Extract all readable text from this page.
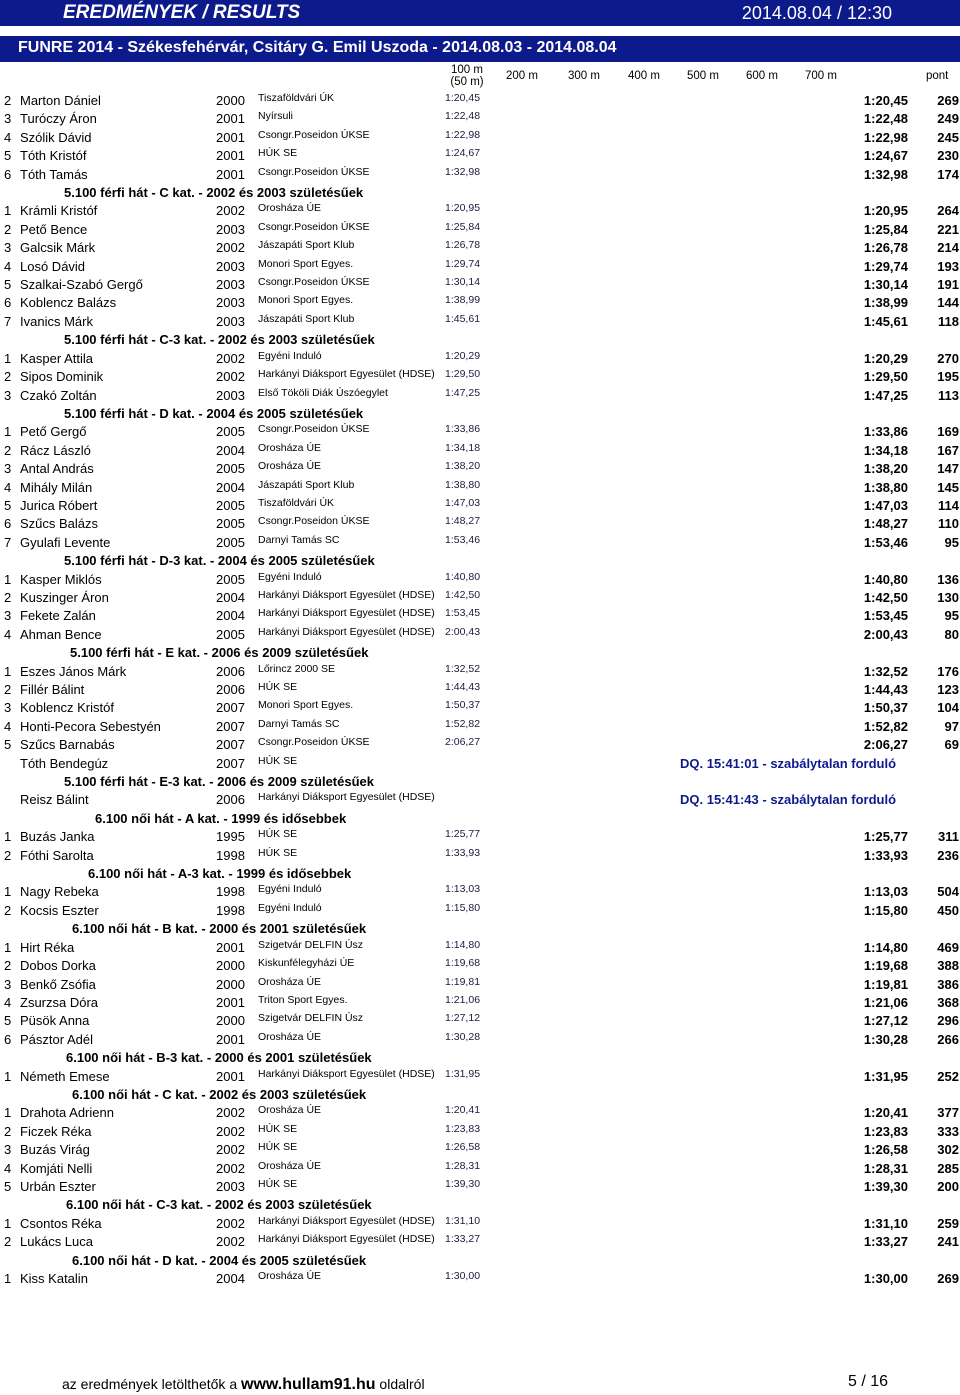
EREDMÉNYEK / RESULTS	2014.08.04 / 12:30
FUNRE 2014 - Székesfehérvár, Csitáry G. Emil Uszoda - 2014.08.03 - 2014.08.04
100 m
(50 m)	200 m	300 m 400 m 500 m 600 m 700 m	pont
2 Marton Dániel	2000 Tiszaföldvári ÚK	1:20,45	1:20,45	269
3 Turóczy Áron	2001 Nyírsuli	1:22,48	1:22,48	249
4 Szólik Dávid	2001 Csongr.Poseidon ÚKSE	1:22,98	1:22,98	245
5 Tóth Kristóf	2001 HÚK SE	1:24,67	1:24,67	230
6 Tóth Tamás	2001 Csongr.Poseidon ÚKSE	1:32,98	1:32,98	174
5.100 férfi hát - C kat. - 2002 és 2003 születésűek
1 Krámli Kristóf	2002 Orosháza ÚE	1:20,95	1:20,95	264
2 Pető Bence	2003 Csongr.Poseidon ÚKSE	1:25,84	1:25,84	221
3 Galcsik Márk	2002 Jászapáti Sport Klub	1:26,78	1:26,78	214
4 Losó Dávid	2003 Monori Sport Egyes.	1:29,74	1:29,74	193
5 Szalkai-Szabó Gergő	2003 Csongr.Poseidon ÚKSE	1:30,14	1:30,14	191
6 Koblencz Balázs	2003 Monori Sport Egyes.	1:38,99	1:38,99	144
7 Ivanics Márk	2003 Jászapáti Sport Klub	1:45,61	1:45,61	118
5.100 férfi hát - C-3 kat. - 2002 és 2003 születésűek
1 Kasper Attila	2002 Egyéni Induló	1:20,29	1:20,29	270
2 Sipos Dominik	2002 Harkányi Diáksport Egyesület (HDSE) 1:29,50	1:29,50	195
3 Czakó Zoltán	2003 Első Tököli Diák Úszóegylet	1:47,25	1:47,25	113
5.100 férfi hát - D kat. - 2004 és 2005 születésűek
1 Pető Gergő	2005 Csongr.Poseidon ÚKSE	1:33,86	1:33,86	169
2 Rácz László	2004 Orosháza ÚE	1:34,18	1:34,18	167
3 Antal András	2005 Orosháza ÚE	1:38,20	1:38,20	147
4 Mihály Milán	2004 Jászapáti Sport Klub	1:38,80	1:38,80	145
5 Jurica Róbert	2005 Tiszaföldvári ÚK	1:47,03	1:47,03	114
6 Szűcs Balázs	2005 Csongr.Poseidon ÚKSE	1:48,27	1:48,27	110
7 Gyulafi Levente	2005 Darnyi Tamás SC	1:53,46	1:53,46	95
5.100 férfi hát - D-3 kat. - 2004 és 2005 születésűek
1 Kasper Miklós	2005 Egyéni Induló	1:40,80	1:40,80	136
2 Kuszinger Áron	2004 Harkányi Diáksport Egyesület (HDSE) 1:42,50	1:42,50	130
3 Fekete Zalán	2004 Harkányi Diáksport Egyesület (HDSE) 1:53,45	1:53,45	95
4 Ahman Bence	2005 Harkányi Diáksport Egyesület (HDSE) 2:00,43	2:00,43	80
5.100 férfi hát - E kat. - 2006 és 2009 születésűek
1 Eszes János Márk	2006 Lőrincz 2000 SE	1:32,52	1:32,52	176
2 Fillér Bálint	2006 HÚK SE	1:44,43	1:44,43	123
3 Koblencz Kristóf	2007 Monori Sport Egyes.	1:50,37	1:50,37	104
4 Honti-Pecora Sebestyén	2007 Darnyi Tamás SC	1:52,82	1:52,82	97
5 Szűcs Barnabás	2007 Csongr.Poseidon ÚKSE	2:06,27	2:06,27	69
Tóth Bendegúz	2007 HÚK SE	DQ. 15:41:01 - szabálytalan forduló
5.100 férfi hát - E-3 kat. - 2006 és 2009 születésűek
Reisz Bálint	2006 Harkányi Diáksport Egyesület (HDSE)	DQ. 15:41:43 - szabálytalan forduló
6.100 női hát - A kat. - 1999 és idősebbek
1 Buzás Janka	1995 HÚK SE	1:25,77	1:25,77	311
2 Fóthi Sarolta	1998 HÚK SE	1:33,93	1:33,93	236
6.100 női hát - A-3 kat. - 1999 és idősebbek
1 Nagy Rebeka	1998 Egyéni Induló	1:13,03	1:13,03	504
2 Kocsis Eszter	1998 Egyéni Induló	1:15,80	1:15,80	450
6.100 női hát - B kat. - 2000 és 2001 születésűek
1 Hirt Réka	2001 Szigetvár DELFIN Úsz	1:14,80	1:14,80	469
2 Dobos Dorka	2000 Kiskunfélegyházi ÚE	1:19,68	1:19,68	388
3 Benkő Zsófia	2000 Orosháza ÚE	1:19,81	1:19,81	386
4 Zsurzsa Dóra	2001 Triton Sport Egyes.	1:21,06	1:21,06	368
5 Püsök Anna	2000 Szigetvár DELFIN Úsz	1:27,12	1:27,12	296
6 Pásztor Adél	2001 Orosháza ÚE	1:30,28	1:30,28	266
6.100 női hát - B-3 kat. - 2000 és 2001 születésűek
1 Németh Emese	2001 Harkányi Diáksport Egyesület (HDSE) 1:31,95	1:31,95	252
6.100 női hát - C kat. - 2002 és 2003 születésűek
1 Drahota Adrienn	2002 Orosháza ÚE	1:20,41	1:20,41	377
2 Ficzek Réka	2002 HÚK SE	1:23,83	1:23,83	333
3 Buzás Virág	2002 HÚK SE	1:26,58	1:26,58	302
4 Komjáti Nelli	2002 Orosháza ÚE	1:28,31	1:28,31	285
5 Urbán Eszter	2003 HÚK SE	1:39,30	1:39,30	200
6.100 női hát - C-3 kat. - 2002 és 2003 születésűek
1 Csontos Réka	2002 Harkányi Diáksport Egyesület (HDSE) 1:31,10	1:31,10	259
2 Lukács Luca	2002 Harkányi Diáksport Egyesület (HDSE) 1:33,27	1:33,27	241
6.100 női hát - D kat. - 2004 és 2005 születésűek
1 Kiss Katalin	2004 Orosháza ÚE	1:30,00	1:30,00	269
az eredmények letölthetők a www.hullam91.hu oldalról	5 / 16
